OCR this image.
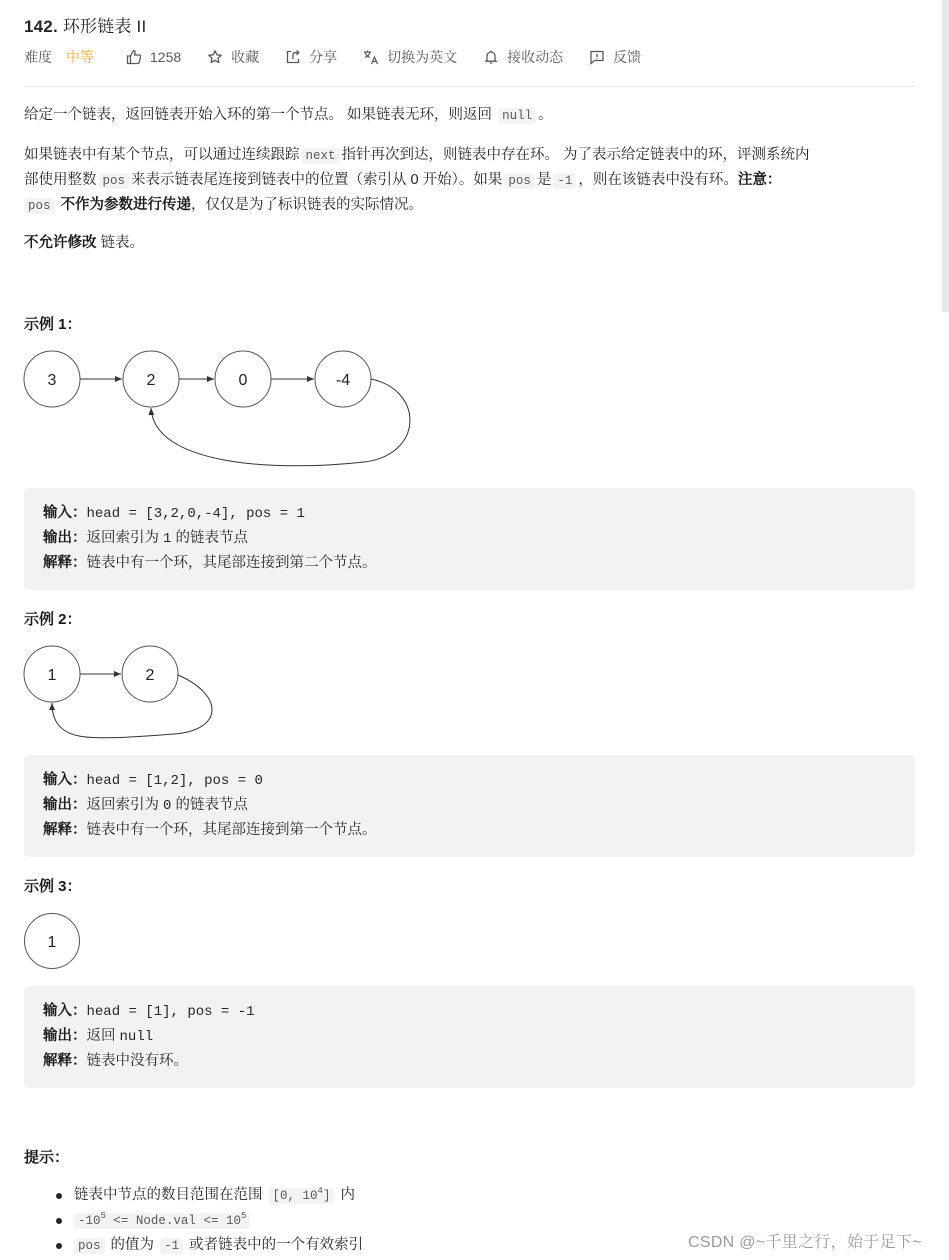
142. 环形链表 II
难度 中等	1258	收藏	分享	切换为英文	接收动态	反馈

给定一个链表，返回链表开始入环的第一个节点。 如果链表无环，则返回 null 。

如果链表中有某个节点，可以通过连续跟踪 next 指针再次到达，则链表中存在环。 为了表示给定链表中的环，评测系统内
部使用整数 pos 来表示链表尾连接到链表中的位置（索引从 0 开始）。如果 pos 是 -1 ，则在该链表中没有环。注意：
pos 不作为参数进行传递，仅仅是为了标识链表的实际情况。

不允许修改 链表。

示例 1：
3	2	0	-4
输入：head = [3,2,0,-4], pos = 1
输出：返回索引为 1 的链表节点
解释：链表中有一个环，其尾部连接到第二个节点。
示例 2：
1	2
输入：head = [1,2], pos = 0
输出：返回索引为 0 的链表节点
解释：链表中有一个环，其尾部连接到第一个节点。
示例 3：
1
输入：head = [1], pos = -1
输出：返回 null
解释：链表中没有环。
提示：
链表中节点的数目范围在范围 [0, $10^4$] 内
$-10^5$ <= Node.val <= $10^5$
pos 的值为 -1 或者链表中的一个有效索引	CSDN @~千里之行，始于足下~
